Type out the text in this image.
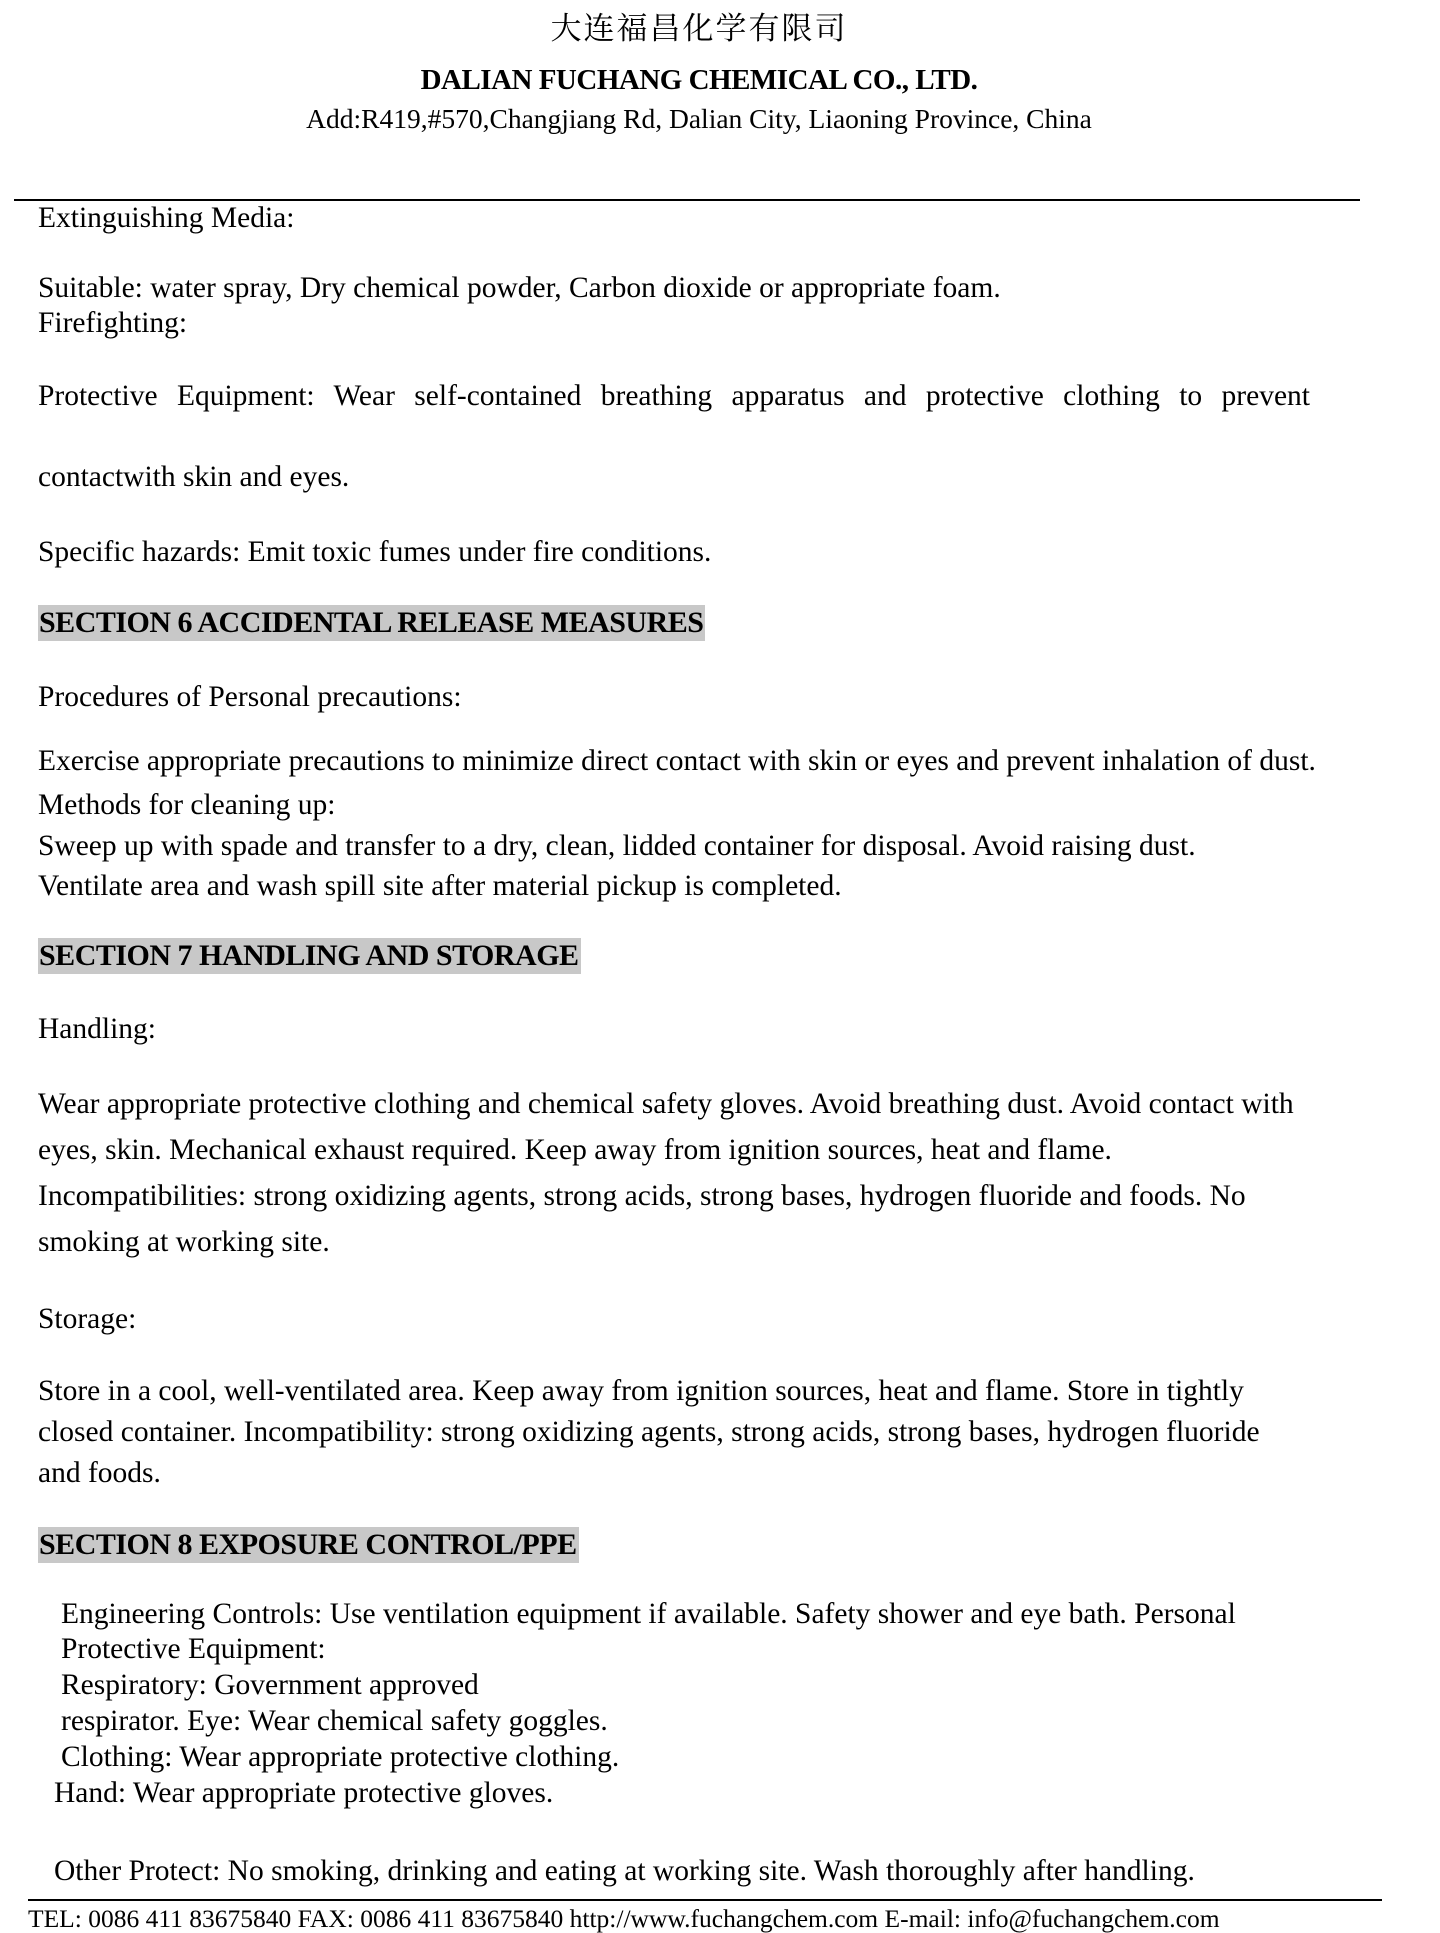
大连福昌化学有限司
DALIAN FUCHANG CHEMICAL CO., LTD.
Add:R419,#570,Changjiang Rd, Dalian City, Liaoning Province, China
Extinguishing Media:
Suitable: water spray, Dry chemical powder, Carbon dioxide or appropriate foam.
Firefighting:
Protective Equipment: Wear self-contained breathing apparatus and protective clothing to prevent
contactwith skin and eyes.
Specific hazards: Emit toxic fumes under fire conditions.
SECTION 6 ACCIDENTAL RELEASE MEASURES
Procedures of Personal precautions:
Exercise appropriate precautions to minimize direct contact with skin or eyes and prevent inhalation of dust.
Methods for cleaning up:
Sweep up with spade and transfer to a dry, clean, lidded container for disposal. Avoid raising dust.
Ventilate area and wash spill site after material pickup is completed.
SECTION 7 HANDLING AND STORAGE
Handling:
Wear appropriate protective clothing and chemical safety gloves. Avoid breathing dust. Avoid contact with
eyes, skin. Mechanical exhaust required. Keep away from ignition sources, heat and flame.
Incompatibilities: strong oxidizing agents, strong acids, strong bases, hydrogen fluoride and foods. No
smoking at working site.
Storage:
Store in a cool, well-ventilated area. Keep away from ignition sources, heat and flame. Store in tightly
closed container. Incompatibility: strong oxidizing agents, strong acids, strong bases, hydrogen fluoride
and foods.
SECTION 8 EXPOSURE CONTROL/PPE
Engineering Controls: Use ventilation equipment if available. Safety shower and eye bath. Personal
Protective Equipment:
Respiratory: Government approved
respirator. Eye: Wear chemical safety goggles.
Clothing: Wear appropriate protective clothing.
Hand: Wear appropriate protective gloves.
Other Protect: No smoking, drinking and eating at working site. Wash thoroughly after handling.
TEL: 0086 411 83675840 FAX: 0086 411 83675840 http://www.fuchangchem.com E-mail: info@fuchangchem.com
